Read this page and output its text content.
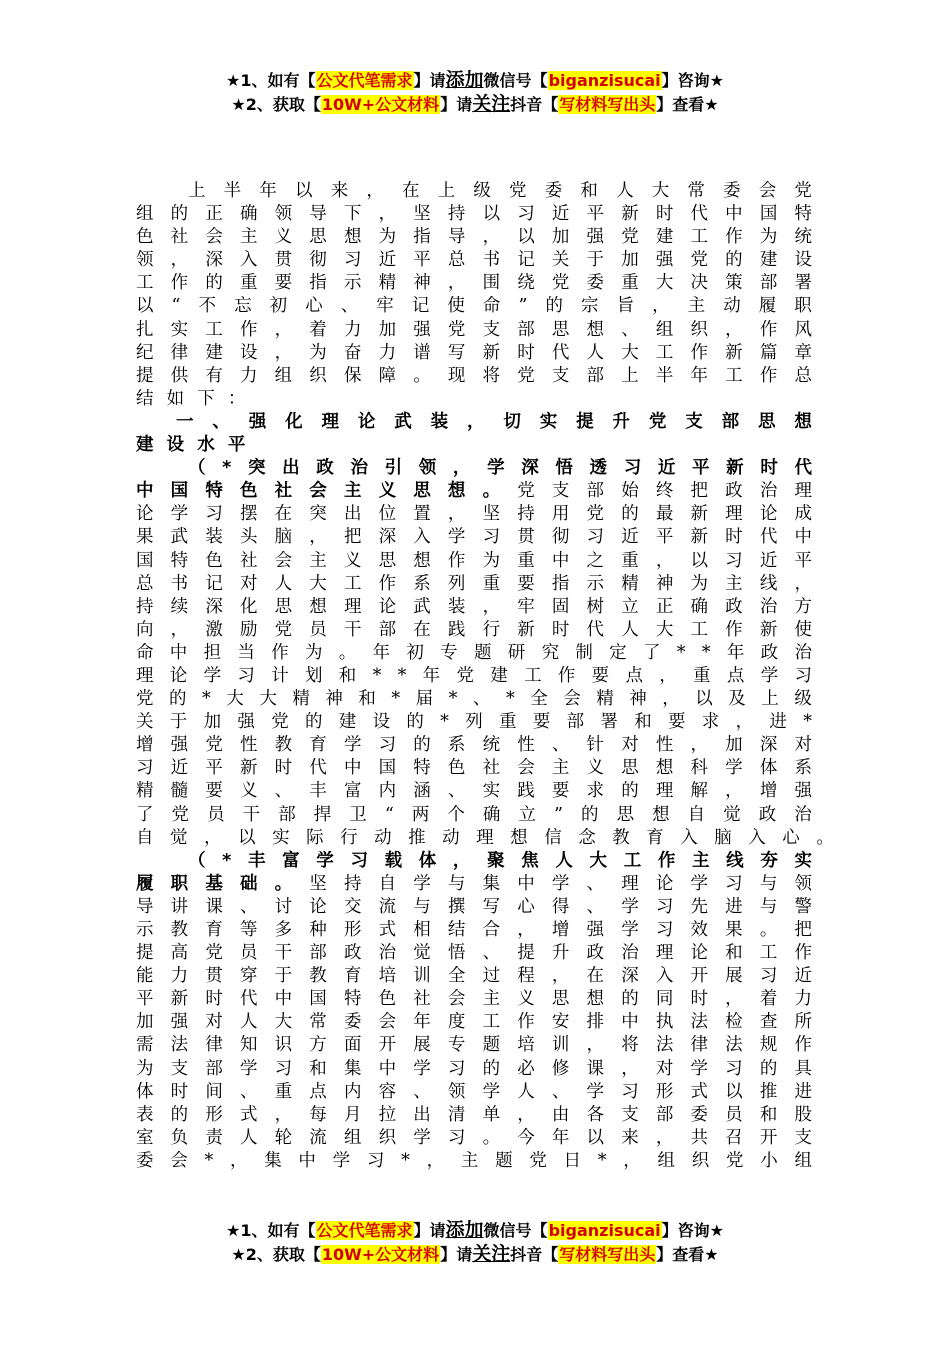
★1、如有【公文代笔需求】请添加微信号【biganzisucai】咨询★
★2、获取【10W+公文材料】请关注抖音【写材料写出头】查看★
上 半 年 以 来 ， 在 上 级 党 委 和 人 大 常 委 会 党
组 的 正 确 领 导 下 ， 坚 持 以 习 近 平 新 时 代 中 国 特
色 社 会 主 义 思 想 为 指 导 ， 以 加 强 党 建 工 作 为 统
领 ， 深 入 贯 彻 习 近 平 总 书 记 关 于 加 强 党 的 建 设
工 作 的 重 要 指 示 精 神 ， 围 绕 党 委 重 大 决 策 部 署
以 “ 不 忘 初 心 、 牢 记 使 命 ” 的 宗 旨 ， 主 动 履 职
扎 实 工 作 ， 着 力 加 强 党 支 部 思 想 、 组 织 ， 作 风
纪 律 建 设 ， 为 奋 力 谱 写 新 时 代 人 大 工 作 新 篇 章
提 供 有 力 组 织 保 障 。 现 将 党 支 部 上 半 年 工 作 总
结 如 下 ：
一 、 强 化 理 论 武 装 ， 切 实 提 升 党 支 部 思 想
建 设 水 平
（ * 突 出 政 治 引 领 ， 学 深 悟 透 习 近 平 新 时 代
中 国 特 色 社 会 主 义 思 想 。 党 支 部 始 终 把 政 治 理
论 学 习 摆 在 突 出 位 置 ， 坚 持 用 党 的 最 新 理 论 成
果 武 装 头 脑 ， 把 深 入 学 习 贯 彻 习 近 平 新 时 代 中
国 特 色 社 会 主 义 思 想 作 为 重 中 之 重 ， 以 习 近 平
总 书 记 对 人 大 工 作 系 列 重 要 指 示 精 神 为 主 线 ，
持 续 深 化 思 想 理 论 武 装 ， 牢 固 树 立 正 确 政 治 方
向 ， 激 励 党 员 干 部 在 践 行 新 时 代 人 大 工 作 新 使
命 中 担 当 作 为 。 年 初 专 题 研 究 制 定 了 * * 年 政 治
理 论 学 习 计 划 和 * * 年 党 建 工 作 要 点 ， 重 点 学 习
党 的 * 大 大 精 神 和 * 届 * 、 * 全 会 精 神 ， 以 及 上 级
关 于 加 强 党 的 建 设 的 * 列 重 要 部 署 和 要 求 ， 进 *
增 强 党 性 教 育 学 习 的 系 统 性 、 针 对 性 ， 加 深 对
习 近 平 新 时 代 中 国 特 色 社 会 主 义 思 想 科 学 体 系
精 髓 要 义 、 丰 富 内 涵 、 实 践 要 求 的 理 解 ， 增 强
了 党 员 干 部 捍 卫 “ 两 个 确 立 ” 的 思 想 自 觉 政 治
自 觉 ， 以 实 际 行 动 推 动 理 想 信 念 教 育 入 脑 入 心 。
（ * 丰 富 学 习 载 体 ， 聚 焦 人 大 工 作 主 线 夯 实
履 职 基 础 。 坚 持 自 学 与 集 中 学 、 理 论 学 习 与 领
导 讲 课 、 讨 论 交 流 与 撰 写 心 得 、 学 习 先 进 与 警
示 教 育 等 多 种 形 式 相 结 合 ， 增 强 学 习 效 果 。 把
提 高 党 员 干 部 政 治 觉 悟 、 提 升 政 治 理 论 和 工 作
能 力 贯 穿 于 教 育 培 训 全 过 程 ， 在 深 入 开 展 习 近
平 新 时 代 中 国 特 色 社 会 主 义 思 想 的 同 时 ， 着 力
加 强 对 人 大 常 委 会 年 度 工 作 安 排 中 执 法 检 查 所
需 法 律 知 识 方 面 开 展 专 题 培 训 ， 将 法 律 法 规 作
为 支 部 学 习 和 集 中 学 习 的 必 修 课 ， 对 学 习 的 具
体 时 间 、 重 点 内 容 、 领 学 人 、 学 习 形 式 以 推 进
表 的 形 式 ， 每 月 拉 出 清 单 ， 由 各 支 部 委 员 和 股
室 负 责 人 轮 流 组 织 学 习 。 今 年 以 来 ， 共 召 开 支
委 会 * ， 集 中 学 习 * ， 主 题 党 日 * ， 组 织 党 小 组
★1、如有【公文代笔需求】请添加微信号【biganzisucai】咨询★
★2、获取【10W+公文材料】请关注抖音【写材料写出头】查看★
